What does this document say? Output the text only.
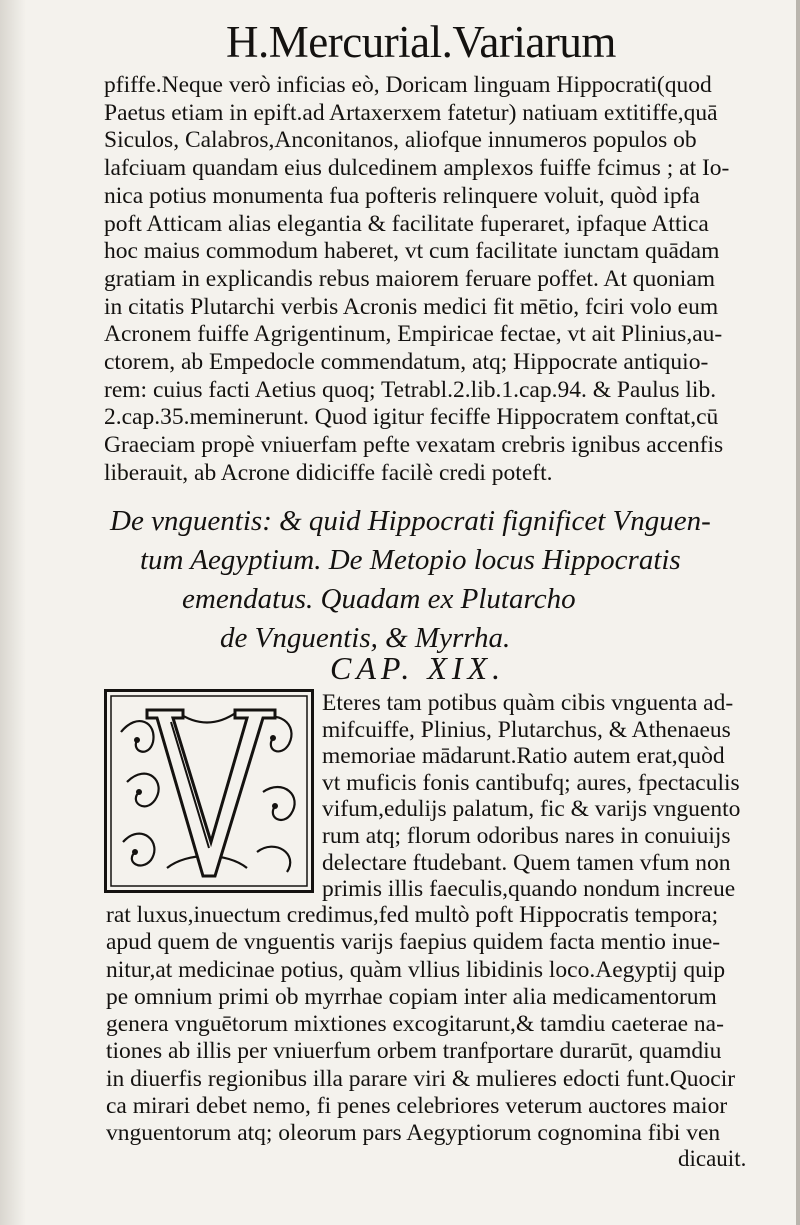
H.Mercurial.Variarum
pfiffe.Neque verò inficias eò, Doricam linguam Hippocrati(quod
Paetus etiam in epift.ad Artaxerxem fatetur) natiuam extitiffe,quā
Siculos, Calabros,Anconitanos, aliofque innumeros populos ob
lafciuam quandam eius dulcedinem amplexos fuiffe fcimus ; at Io-
nica potius monumenta fua pofteris relinquere voluit, quòd ipfa
poft Atticam alias elegantia & facilitate fuperaret, ipfaque Attica
hoc maius commodum haberet, vt cum facilitate iunctam quādam
gratiam in explicandis rebus maiorem feruare poffet. At quoniam
in citatis Plutarchi verbis Acronis medici fit mētio, fciri volo eum
Acronem fuiffe Agrigentinum, Empiricae fectae, vt ait Plinius,au-
ctorem, ab Empedocle commendatum, atq; Hippocrate antiquio-
rem: cuius facti Aetius quoq; Tetrabl.2.lib.1.cap.94. & Paulus lib.
2.cap.35.meminerunt. Quod igitur feciffe Hippocratem conftat,cū
Graeciam propè vniuerfam pefte vexatam crebris ignibus accenfis
liberauit, ab Acrone didiciffe facilè credi poteft.
De vnguentis: & quid Hippocrati fignificet Vnguen-
tum Aegyptium. De Metopio locus Hippocratis
emendatus. Quadam ex Plutarcho
de Vnguentis, & Myrrha.
CAP. XIX.
Eteres tam potibus quàm cibis vnguenta ad-
mifcuiffe, Plinius, Plutarchus, & Athenaeus
memoriae mādarunt.Ratio autem erat,quòd
vt muficis fonis cantibufq; aures, fpectaculis
vifum,edulijs palatum, fic & varijs vnguento
rum atq; florum odoribus nares in conuiuijs
delectare ftudebant. Quem tamen vfum non
primis illis faeculis,quando nondum increue
rat luxus,inuectum credimus,fed multò poft Hippocratis tempora;
apud quem de vnguentis varijs faepius quidem facta mentio inue-
nitur,at medicinae potius, quàm vllius libidinis loco.Aegyptij quip
pe omnium primi ob myrrhae copiam inter alia medicamentorum
genera vnguētorum mixtiones excogitarunt,& tamdiu caeterae na-
tiones ab illis per vniuerfum orbem tranfportare durarūt, quamdiu
in diuerfis regionibus illa parare viri & mulieres edocti funt.Quocir
ca mirari debet nemo, fi penes celebriores veterum auctores maior
vnguentorum atq; oleorum pars Aegyptiorum cognomina fibi ven
dicauit.
